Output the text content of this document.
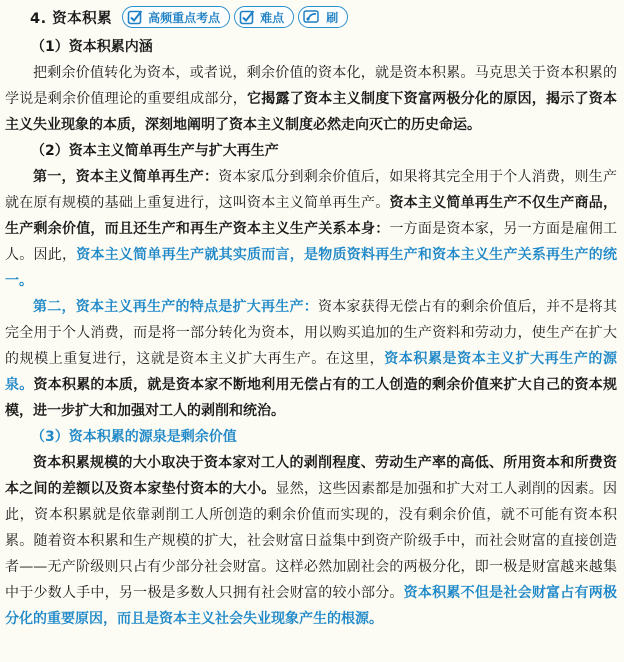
4. 资本积累	高频重点考点	难点	刷

（1）资本积累内涵

把剩余价值转化为资本，或者说，剩余价值的资本化，就是资本积累。马克思关于资本积累的学说是剩余价值理论的重要组成部分，它揭露了资本主义制度下资富两极分化的原因，揭示了资本主义失业现象的本质，深刻地阐明了资本主义制度必然走向灭亡的历史命运。

（2）资本主义简单再生产与扩大再生产

第一，资本主义简单再生产：资本家瓜分到剩余价值后，如果将其完全用于个人消费，则生产就在原有规模的基础上重复进行，这叫资本主义简单再生产。资本主义简单再生产不仅生产商品，生产剩余价值，而且还生产和再生产资本主义生产关系本身：一方面是资本家，另一方面是雇佣工人。因此，资本主义简单再生产就其实质而言，是物质资料再生产和资本主义生产关系再生产的统一。

第二，资本主义再生产的特点是扩大再生产：资本家获得无偿占有的剩余价值后，并不是将其完全用于个人消费，而是将一部分转化为资本，用以购买追加的生产资料和劳动力，使生产在扩大的规模上重复进行，这就是资本主义扩大再生产。在这里，资本积累是资本主义扩大再生产的源泉。资本积累的本质，就是资本家不断地利用无偿占有的工人创造的剩余价值来扩大自己的资本规模，进一步扩大和加强对工人的剥削和统治。

（3）资本积累的源泉是剩余价值

资本积累规模的大小取决于资本家对工人的剥削程度、劳动生产率的高低、所用资本和所费资本之间的差额以及资本家垫付资本的大小。显然，这些因素都是加强和扩大对工人剥削的因素。因此，资本积累就是依靠剥削工人所创造的剩余价值而实现的，没有剩余价值，就不可能有资本积累。随着资本积累和生产规模的扩大，社会财富日益集中到资产阶级手中，而社会财富的直接创造者——无产阶级则只占有少部分社会财富。这样必然加剧社会的两极分化，即一极是财富越来越集中于少数人手中，另一极是多数人只拥有社会财富的较小部分。资本积累不但是社会财富占有两极分化的重要原因，而且是资本主义社会失业现象产生的根源。
